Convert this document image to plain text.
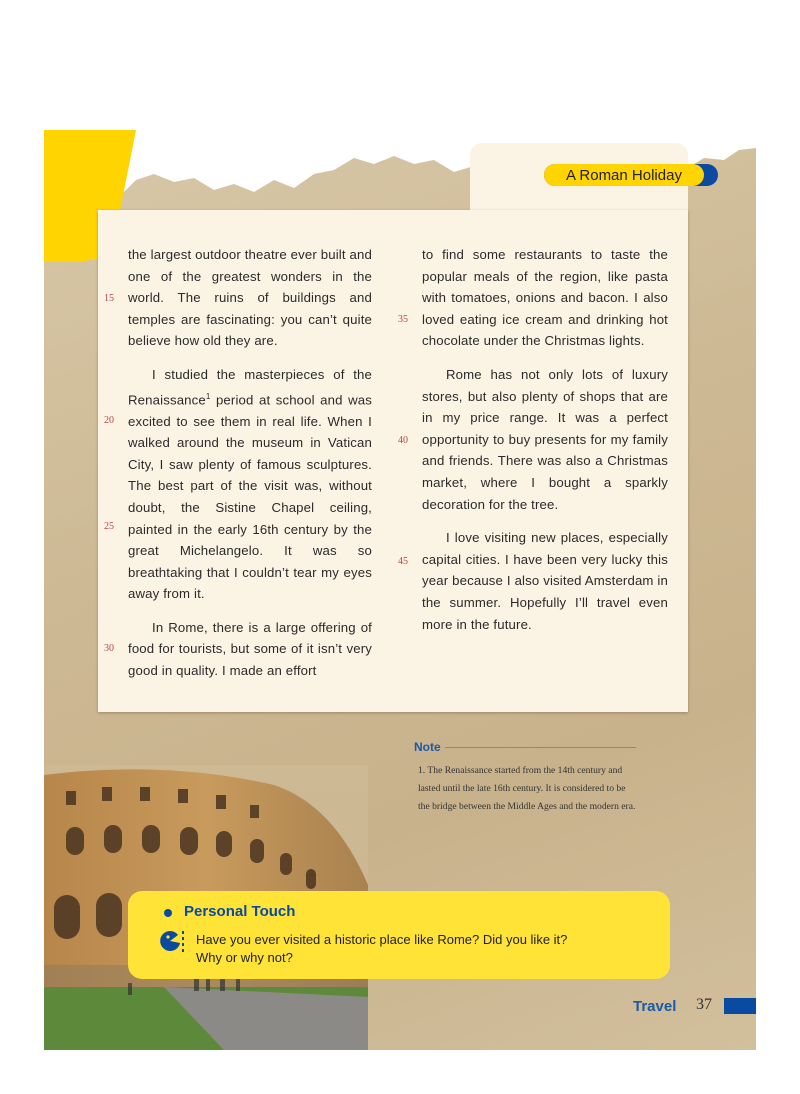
A Roman Holiday

the largest outdoor theatre ever built and one of the greatest wonders in the world. The ruins of buildings and temples are fascinating: you can’t quite believe how old they are.

I studied the masterpieces of the Renaissance$^1$ period at school and was excited to see them in real life. When I walked around the museum in Vatican City, I saw plenty of famous sculptures. The best part of the visit was, without doubt, the Sistine Chapel ceiling, painted in the early 16th century by the great Michelangelo. It was so breathtaking that I couldn’t tear my eyes away from it.

In Rome, there is a large offering of food for tourists, but some of it isn’t very good in quality. I made an effort

to find some restaurants to taste the popular meals of the region, like pasta with tomatoes, onions and bacon. I also loved eating ice cream and drinking hot chocolate under the Christmas lights.

Rome has not only lots of luxury stores, but also plenty of shops that are in my price range. It was a perfect opportunity to buy presents for my family and friends. There was also a Christmas market, where I bought a sparkly decoration for the tree.

I love visiting new places, especially capital cities. I have been very lucky this year because I also visited Amsterdam in the summer. Hopefully I’ll travel even more in the future.

15
20
25
30
35
40
45
Note
1. The Renaissance started from the 14th century and lasted until the late 16th century. It is considered to be the bridge between the Middle Ages and the modern era.
Personal Touch
Have you ever visited a historic place like Rome? Did you like it?
Why or why not?
Travel 37
